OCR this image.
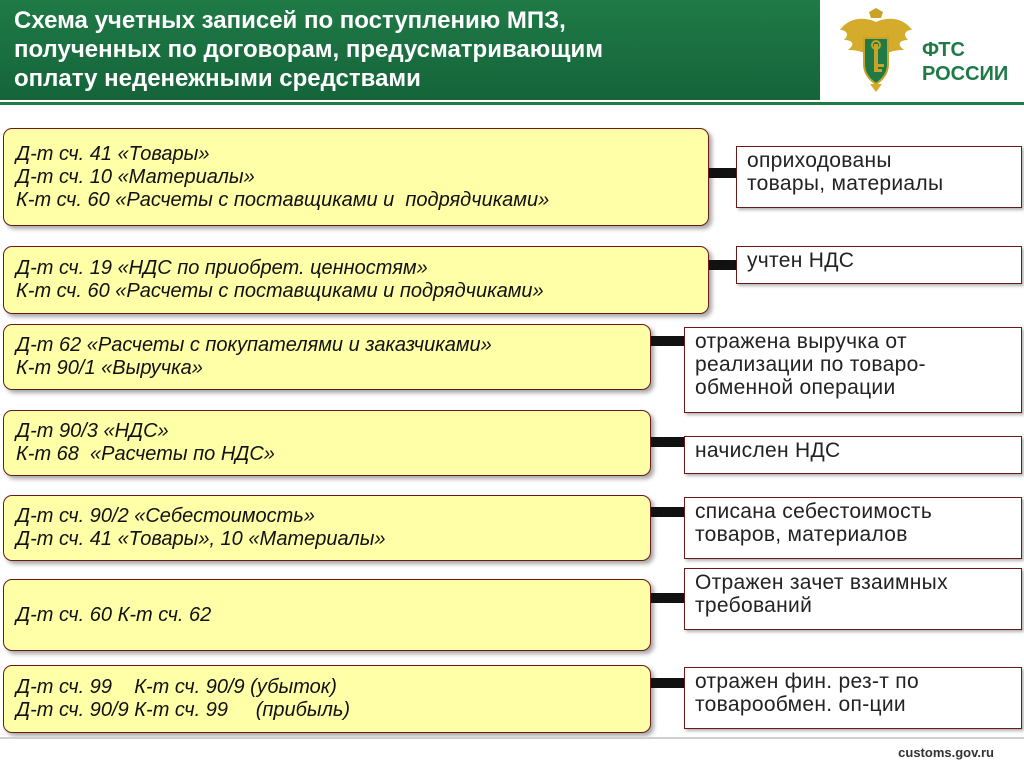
Схема учетных записей по поступлению МПЗ,
полученных по договорам, предусматривающим
оплату неденежными средствами
ФТС
РОССИИ
Д-т сч. 41 «Товары»
Д-т сч. 10 «Материалы»
К-т сч. 60 «Расчеты с поставщиками и  подрядчиками»
оприходованы
товары, материалы
Д-т сч. 19 «НДС по приобрет. ценностям»
К-т сч. 60 «Расчеты с поставщиками и подрядчиками»
учтен НДС
Д-т 62 «Расчеты с покупателями и заказчиками»
К-т 90/1 «Выручка»
отражена выручка от
реализации по товаро-
обменной операции
Д-т 90/3 «НДС»
К-т 68  «Расчеты по НДС»	начислен НДС
Д-т сч. 90/2 «Себестоимость»
Д-т сч. 41 «Товары», 10 «Материалы»
списана себестоимость
товаров, материалов
Д-т сч. 60 К-т сч. 62
Отражен зачет взаимных
требований
Д-т сч. 99    К-т сч. 90/9 (убыток)
Д-т сч. 90/9 К-т сч. 99     (прибыль)
отражен фин. рез-т по
товарообмен. оп-ции
customs.gov.ru
